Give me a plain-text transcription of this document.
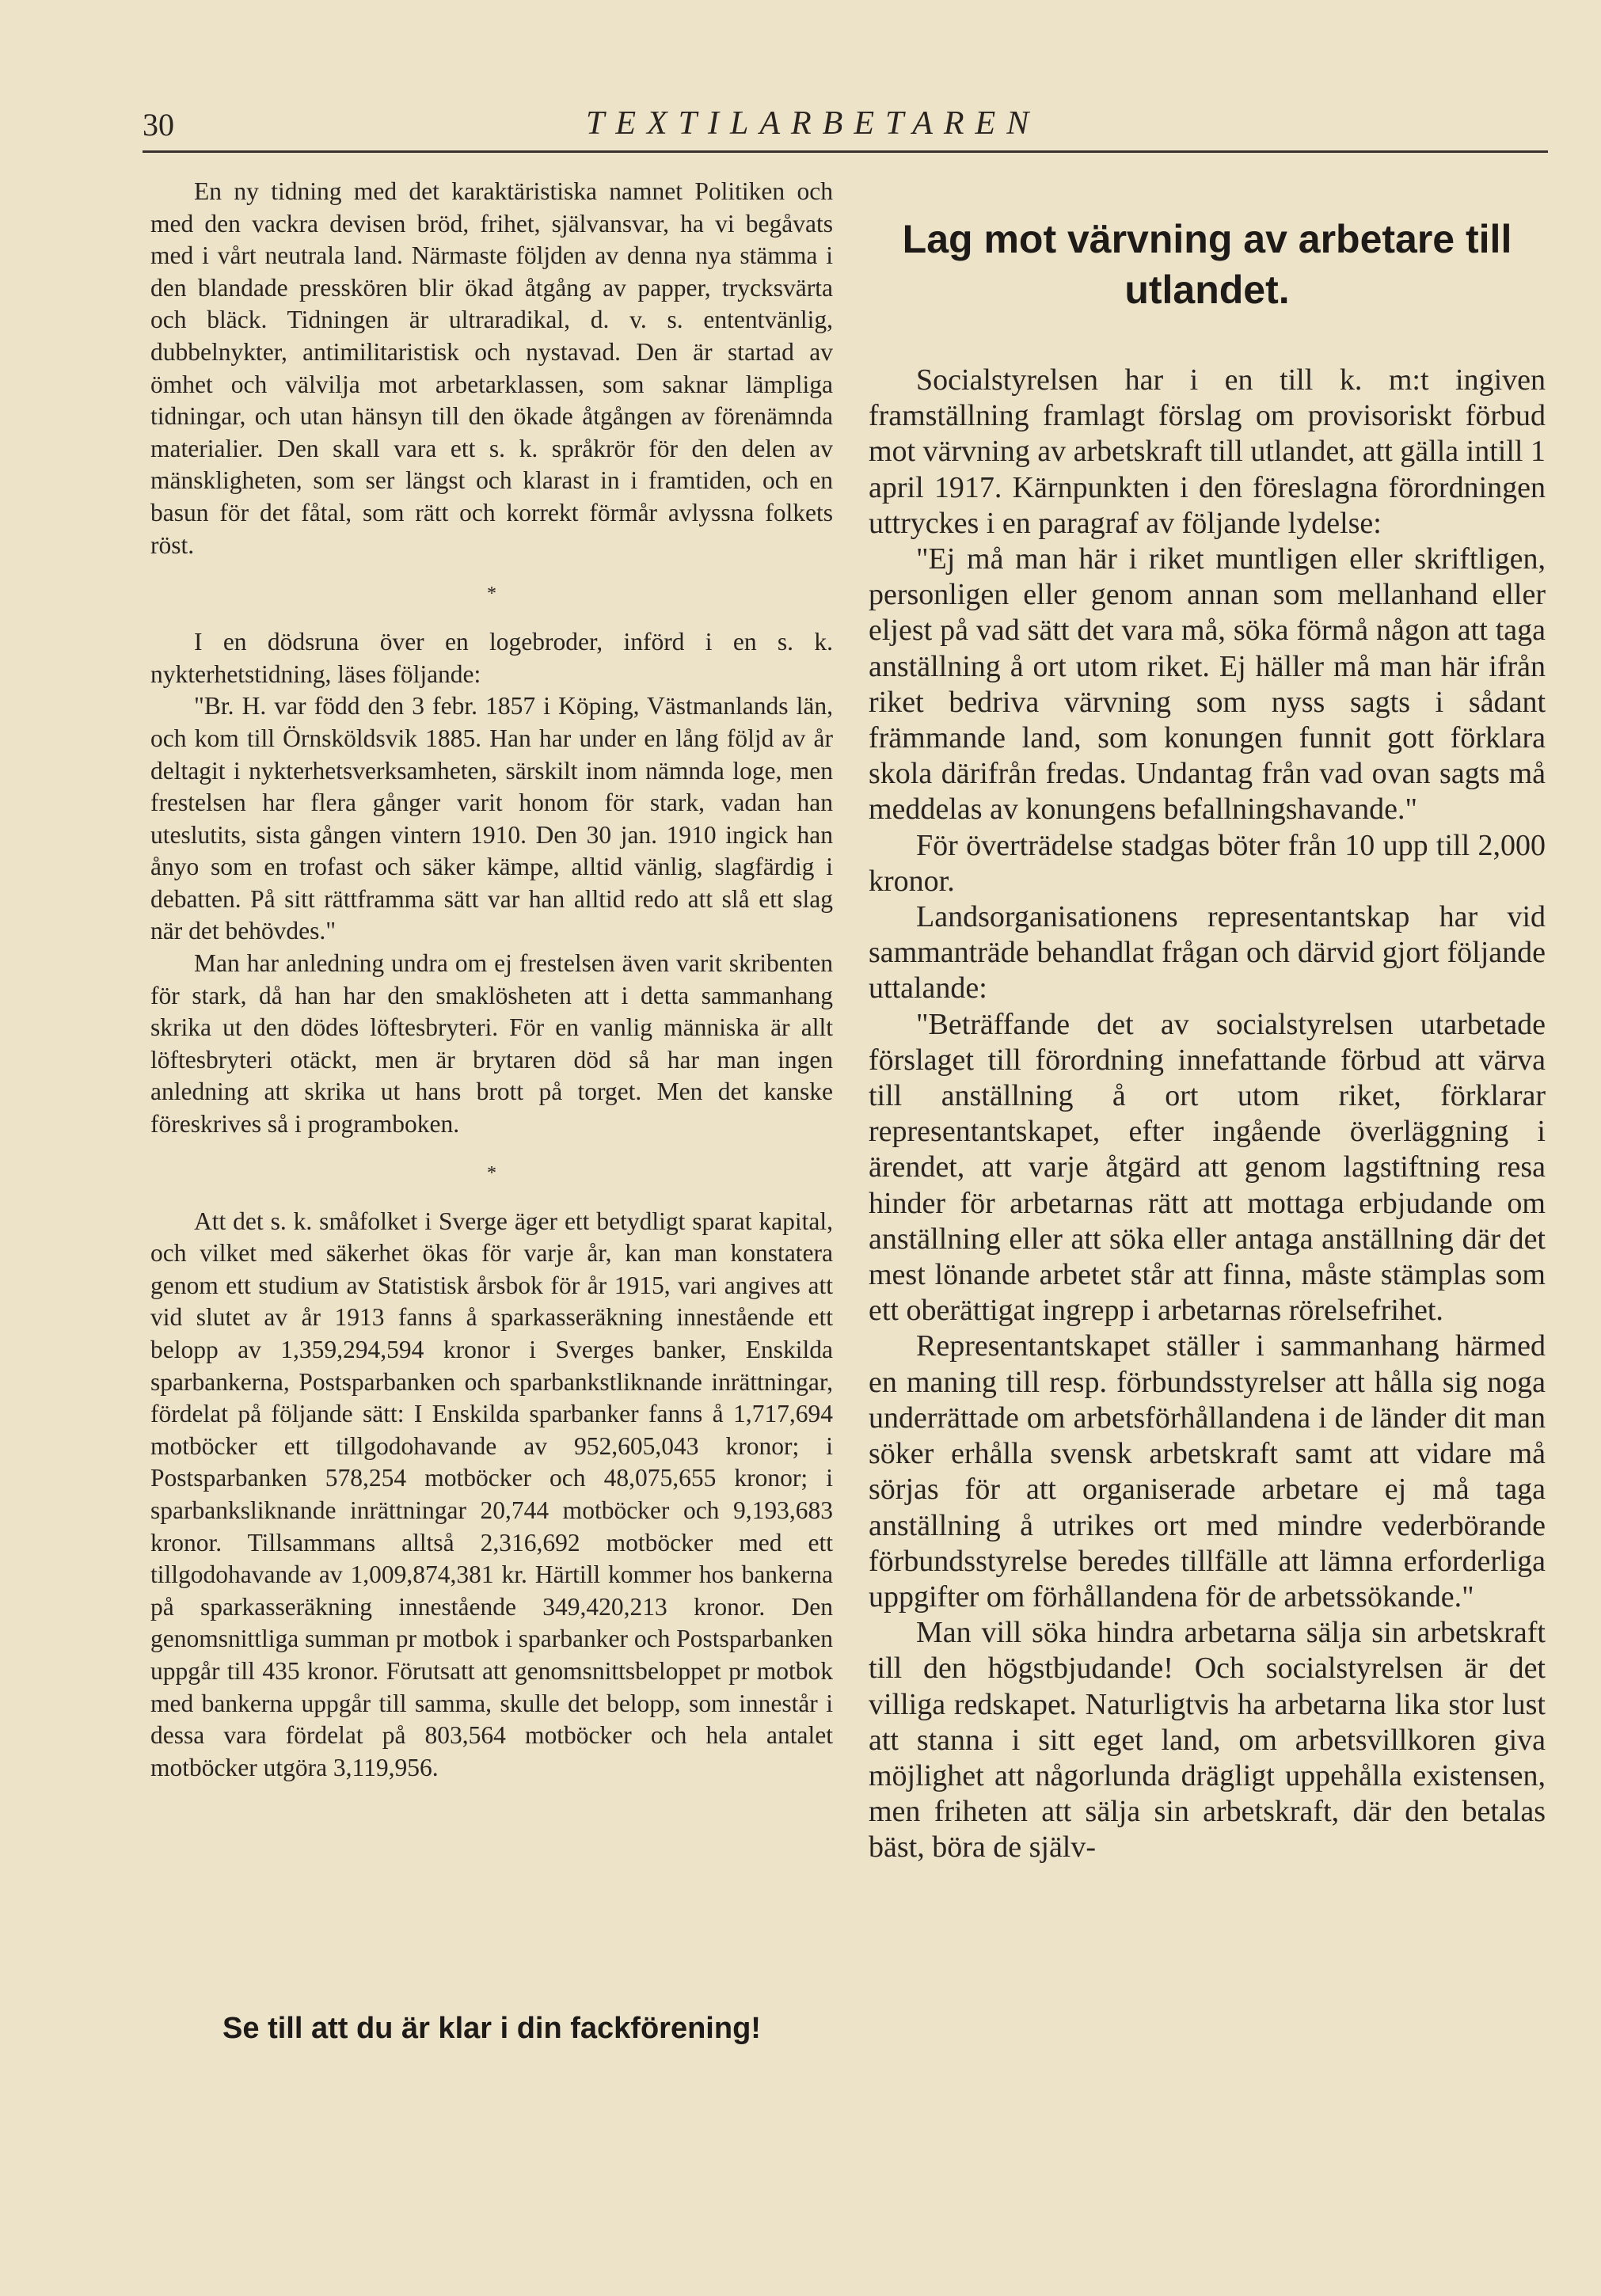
30	TEXTILARBETAREN

En ny tidning med det karaktäristiska namnet Politiken och med den vackra devisen bröd, frihet, självansvar, ha vi begåvats med i vårt neutrala land. Närmaste följden av denna nya stämma i den blandade presskören blir ökad åtgång av papper, trycksvärta och bläck. Tidningen är ultraradikal, d. v. s. ententvänlig, dubbelnykter, antimilitaristisk och nystavad. Den är startad av ömhet och välvilja mot arbetarklassen, som saknar lämpliga tidningar, och utan hänsyn till den ökade åtgången av förenämnda materialier. Den skall vara ett s. k. språkrör för den delen av mänskligheten, som ser längst och klarast in i framtiden, och en basun för det fåtal, som rätt och korrekt förmår avlyssna folkets röst.

*

I en dödsruna över en logebroder, införd i en s. k. nykterhetstidning, läses följande:

"Br. H. var född den 3 febr. 1857 i Köping, Västmanlands län, och kom till Örnsköldsvik 1885. Han har under en lång följd av år deltagit i nykterhetsverksamheten, särskilt inom nämnda loge, men frestelsen har flera gånger varit honom för stark, vadan han uteslutits, sista gången vintern 1910. Den 30 jan. 1910 ingick han ånyo som en trofast och säker kämpe, alltid vänlig, slagfärdig i debatten. På sitt rättframma sätt var han alltid redo att slå ett slag när det behövdes."

Man har anledning undra om ej frestelsen även varit skribenten för stark, då han har den smaklösheten att i detta sammanhang skrika ut den dödes löftesbryteri. För en vanlig människa är allt löftesbryteri otäckt, men är brytaren död så har man ingen anledning att skrika ut hans brott på torget. Men det kanske föreskrives så i programboken.

*

Att det s. k. småfolket i Sverge äger ett betydligt sparat kapital, och vilket med säkerhet ökas för varje år, kan man konstatera genom ett studium av Statistisk årsbok för år 1915, vari angives att vid slutet av år 1913 fanns å sparkasseräkning innestående ett belopp av 1,359,294,594 kronor i Sverges banker, Enskilda sparbankerna, Postsparbanken och sparbankstliknande inrättningar, fördelat på följande sätt: I Enskilda sparbanker fanns å 1,717,694 motböcker ett tillgodohavande av 952,605,043 kronor; i Postsparbanken 578,254 motböcker och 48,075,655 kronor; i sparbanksliknande inrättningar 20,744 motböcker och 9,193,683 kronor. Tillsammans alltså 2,316,692 motböcker med ett tillgodohavande av 1,009,874,381 kr. Härtill kommer hos bankerna på sparkasseräkning innestående 349,420,213 kronor. Den genomsnittliga summan pr motbok i sparbanker och Postsparbanken uppgår till 435 kronor. Förutsatt att genomsnittsbeloppet pr motbok med bankerna uppgår till samma, skulle det belopp, som innestår i dessa vara fördelat på 803,564 motböcker och hela antalet motböcker utgöra 3,119,956.

Se till att du är klar i din fackförening!
Lag mot värvning av arbetare till utlandet.

Socialstyrelsen har i en till k. m:t ingiven framställning framlagt förslag om provisoriskt förbud mot värvning av arbetskraft till utlandet, att gälla intill 1 april 1917. Kärnpunkten i den föreslagna förordningen uttryckes i en paragraf av följande lydelse:

"Ej må man här i riket muntligen eller skriftligen, personligen eller genom annan som mellanhand eller eljest på vad sätt det vara må, söka förmå någon att taga anställning å ort utom riket. Ej häller må man här ifrån riket bedriva värvning som nyss sagts i sådant främmande land, som konungen funnit gott förklara skola därifrån fredas. Undantag från vad ovan sagts må meddelas av konungens befallningshavande."

För överträdelse stadgas böter från 10 upp till 2,000 kronor.

Landsorganisationens representantskap har vid sammanträde behandlat frågan och därvid gjort följande uttalande:

"Beträffande det av socialstyrelsen utarbetade förslaget till förordning innefattande förbud att värva till anställning å ort utom riket, förklarar representantskapet, efter ingående överläggning i ärendet, att varje åtgärd att genom lagstiftning resa hinder för arbetarnas rätt att mottaga erbjudande om anställning eller att söka eller antaga anställning där det mest lönande arbetet står att finna, måste stämplas som ett oberättigat ingrepp i arbetarnas rörelsefrihet.

Representantskapet ställer i sammanhang härmed en maning till resp. förbundsstyrelser att hålla sig noga underrättade om arbetsförhållandena i de länder dit man söker erhålla svensk arbetskraft samt att vidare må sörjas för att organiserade arbetare ej må taga anställning å utrikes ort med mindre vederbörande förbundsstyrelse beredes tillfälle att lämna erforderliga uppgifter om förhållandena för de arbetssökande."

Man vill söka hindra arbetarna sälja sin arbetskraft till den högstbjudande! Och socialstyrelsen är det villiga redskapet. Naturligtvis ha arbetarna lika stor lust att stanna i sitt eget land, om arbetsvillkoren giva möjlighet att någorlunda drägligt uppehålla existensen, men friheten att sälja sin arbetskraft, där den betalas bäst, böra de själv-
